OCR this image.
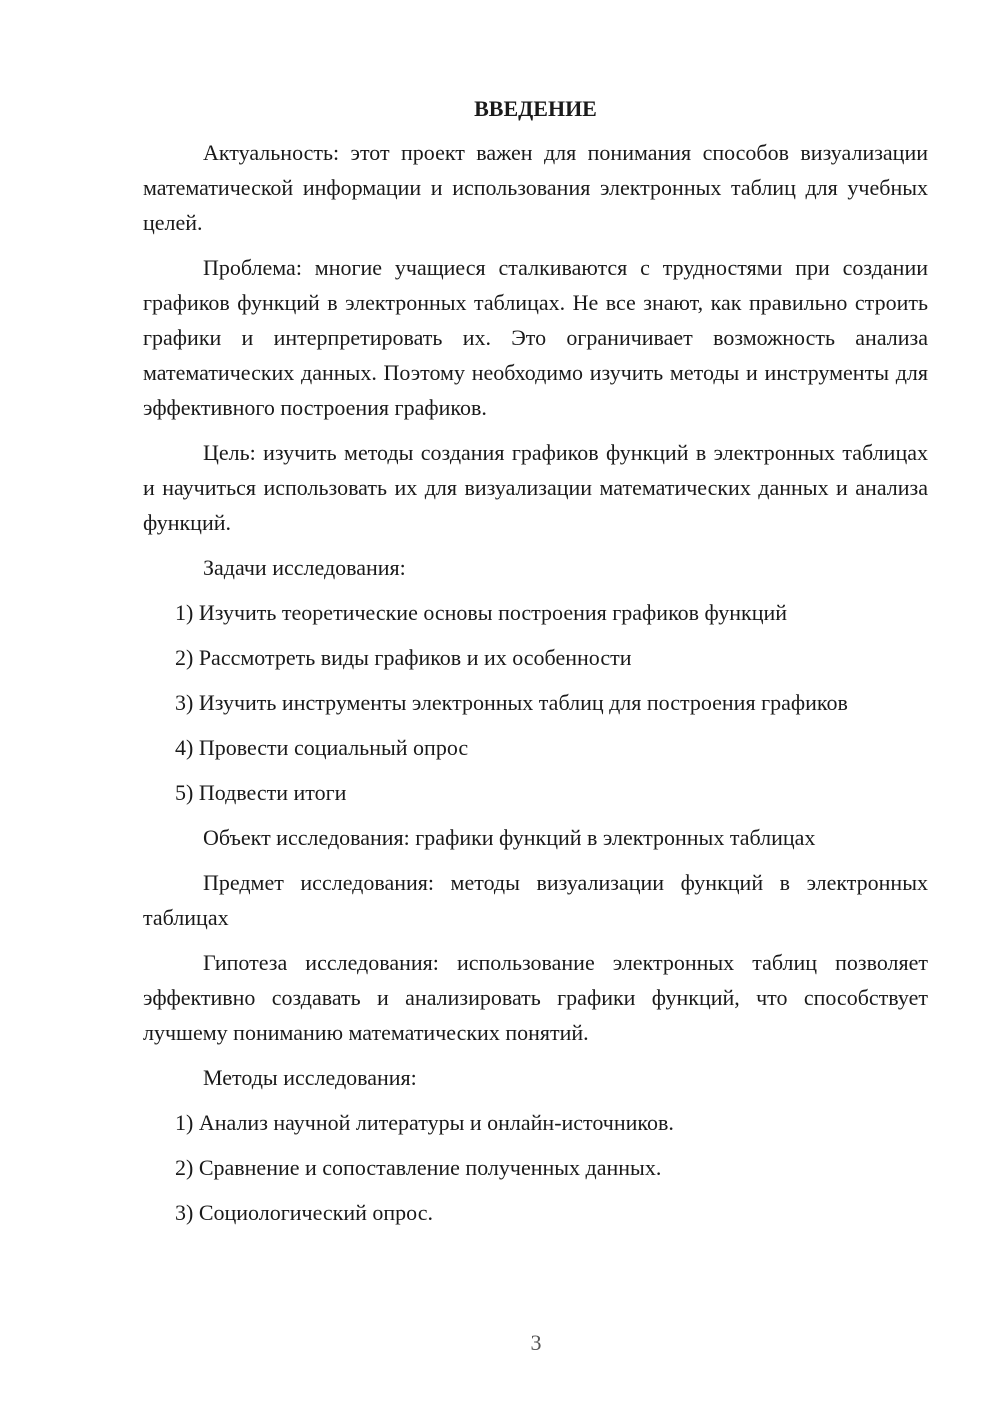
ВВЕДЕНИЕ

Актуальность: этот проект важен для понимания способов визуализации математической информации и использования электронных таблиц для учебных целей.

Проблема: многие учащиеся сталкиваются с трудностями при создании графиков функций в электронных таблицах. Не все знают, как правильно строить графики и интерпретировать их. Это ограничивает возможность анализа математических данных. Поэтому необходимо изучить методы и инструменты для эффективного построения графиков.

Цель: изучить методы создания графиков функций в электронных таблицах и научиться использовать их для визуализации математических данных и анализа функций.

Задачи исследования:

1) Изучить теоретические основы построения графиков функций

2) Рассмотреть виды графиков и их особенности

3) Изучить инструменты электронных таблиц для построения графиков

4) Провести социальный опрос

5) Подвести итоги

Объект исследования: графики функций в электронных таблицах

Предмет исследования: методы визуализации функций в электронных таблицах

Гипотеза исследования: использование электронных таблиц позволяет эффективно создавать и анализировать графики функций, что способствует лучшему пониманию математических понятий.

Методы исследования:

1) Анализ научной литературы и онлайн-источников.

2) Сравнение и сопоставление полученных данных.

3) Социологический опрос.

3
